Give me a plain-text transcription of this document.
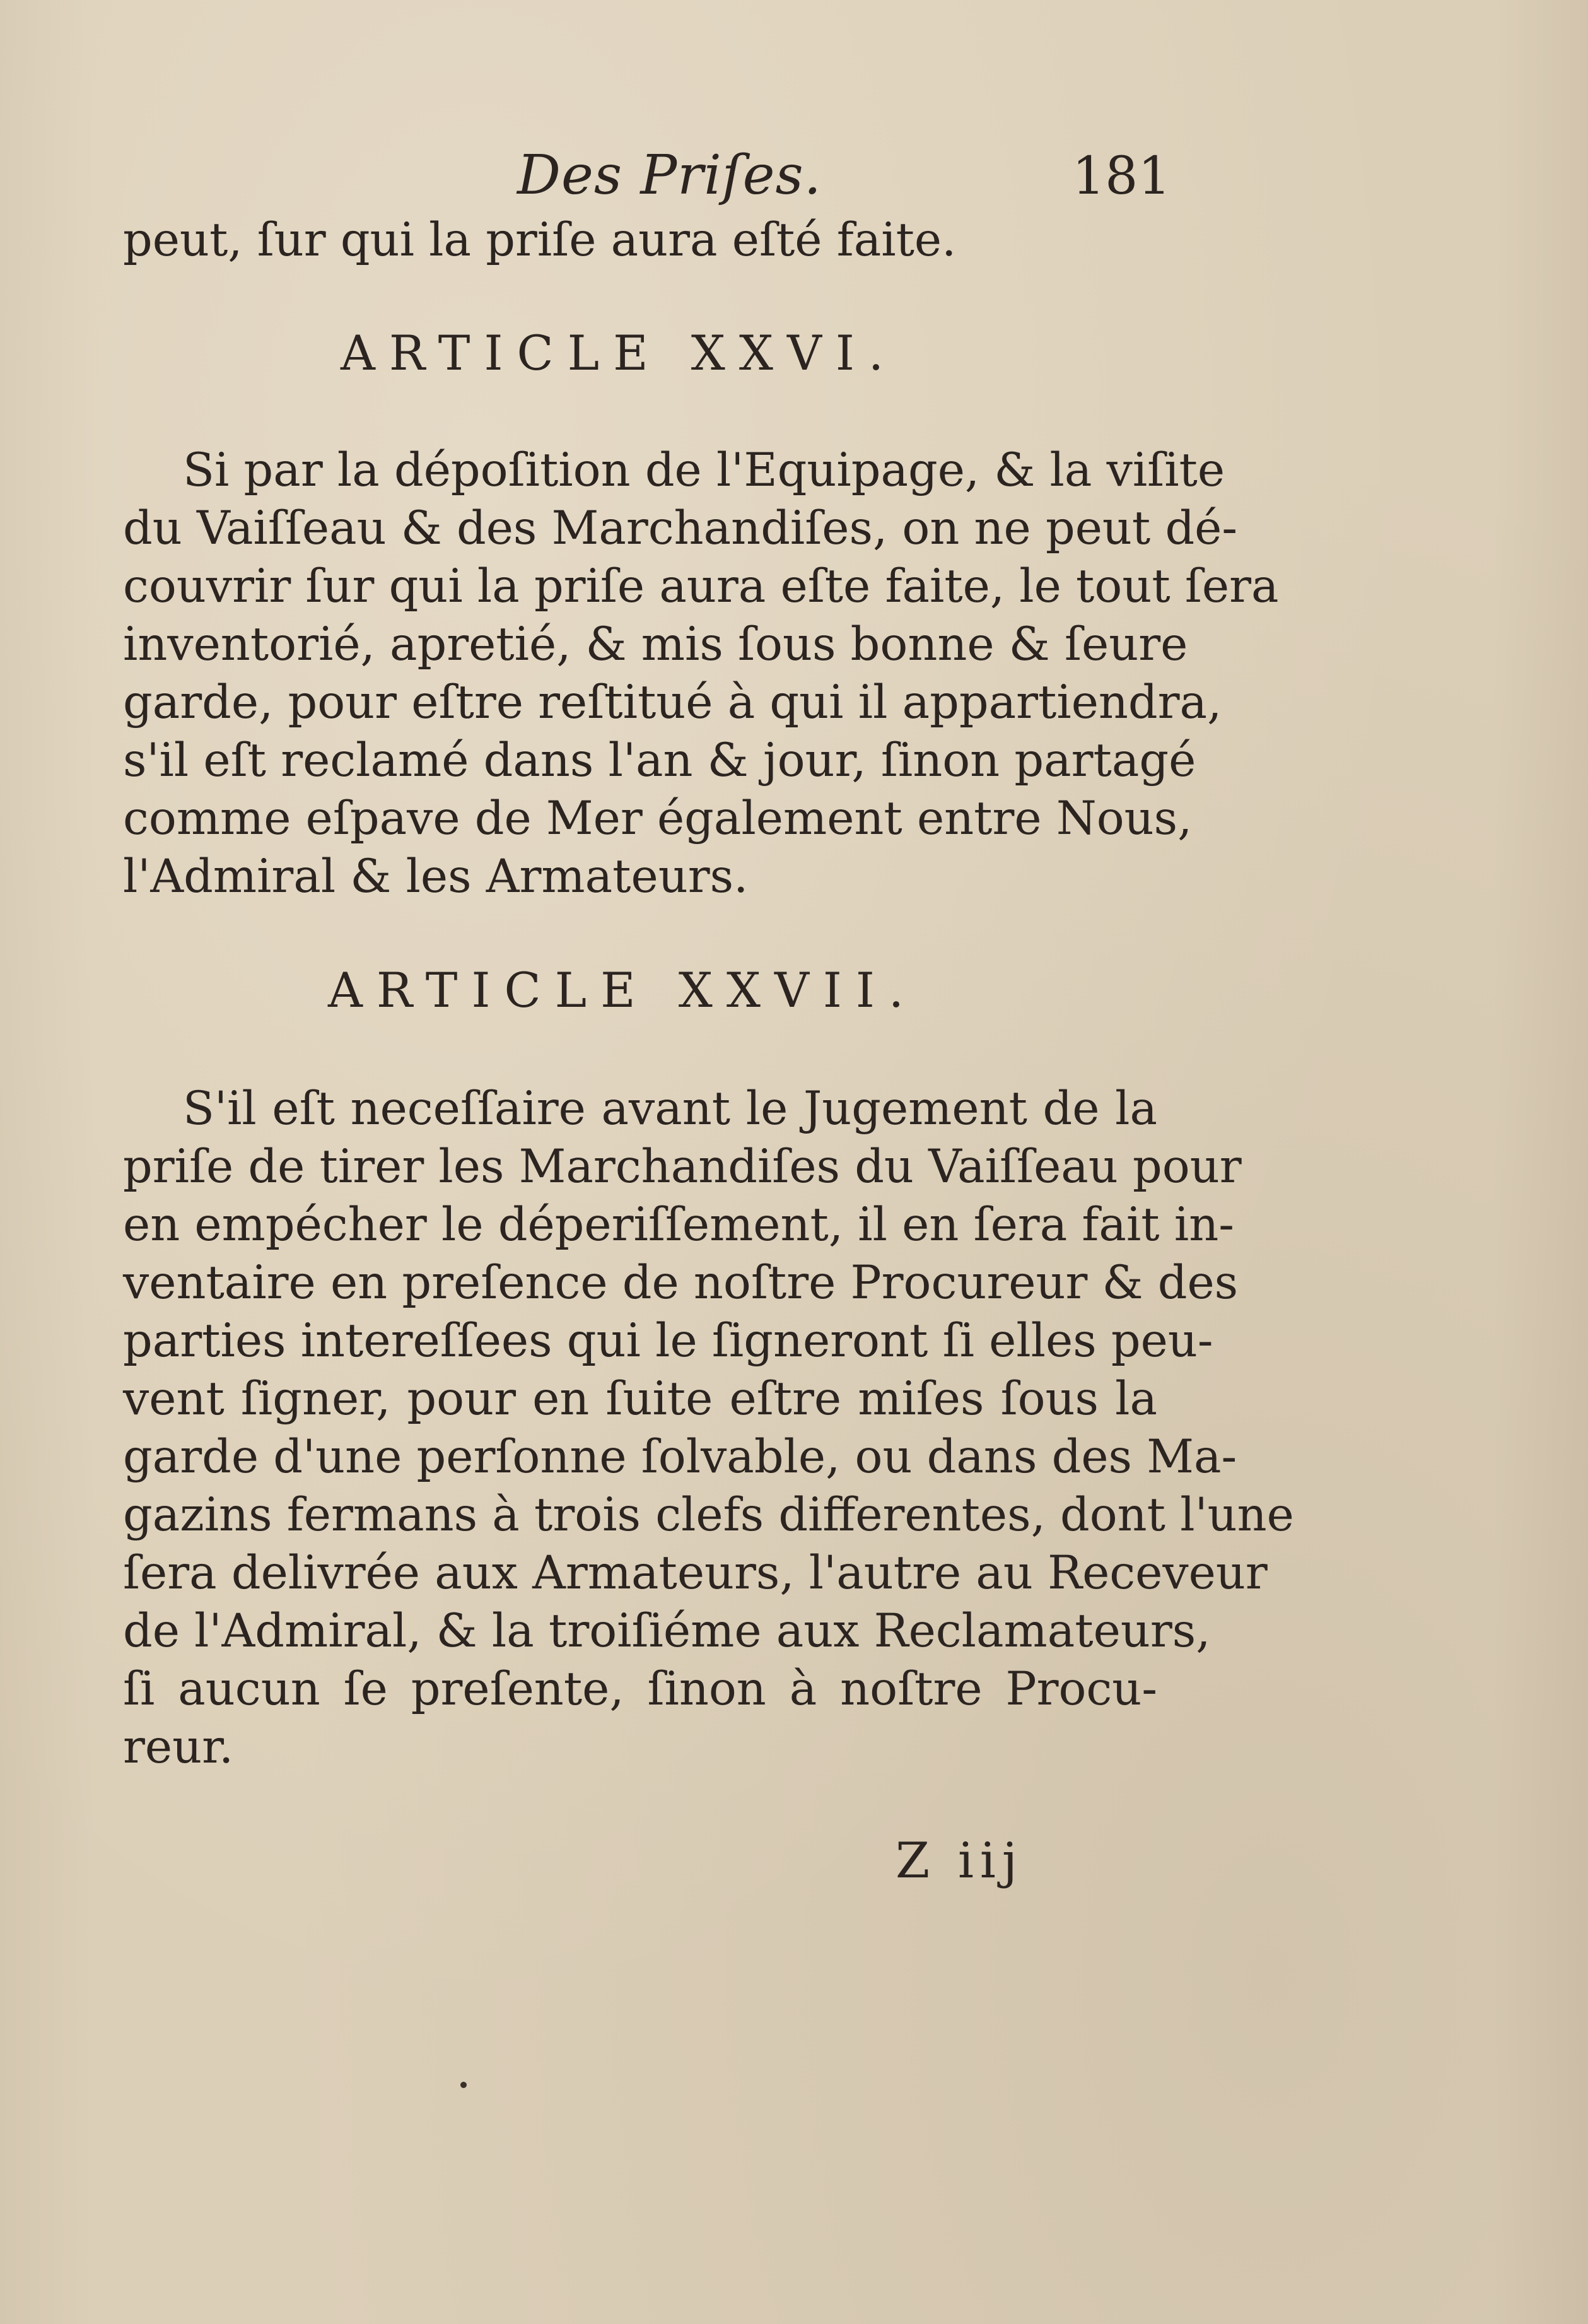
Des Priſes.	181
peut, ſur qui la priſe aura eſté faite.
ARTICLE XXVI.
Si par la dépoſition de l'Equipage, & la viſite
du Vaiſſeau & des Marchandiſes, on ne peut dé-
couvrir ſur qui la priſe aura eſte faite, le tout ſera
inventorié, apretié, & mis ſous bonne & ſeure
garde, pour eſtre reſtitué à qui il appartiendra,
s'il eſt reclamé dans l'an & jour, ſinon partagé
comme eſpave de Mer également entre Nous,
l'Admiral & les Armateurs.
ARTICLE XXVII.
S'il eſt neceſſaire avant le Jugement de la
priſe de tirer les Marchandiſes du Vaiſſeau pour
en empécher le déperiſſement, il en ſera fait in-
ventaire en preſence de noſtre Procureur & des
parties intereſſees qui le ſigneront ſi elles peu-
vent ſigner, pour en ſuite eſtre miſes ſous la
garde d'une perſonne ſolvable, ou dans des Ma-
gazins fermans à trois clefs differentes, dont l'une
ſera delivrée aux Armateurs, l'autre au Receveur
de l'Admiral, & la troiſiéme aux Reclamateurs,
ſi aucun ſe preſente, ſinon à noſtre Procu-
reur.
Z iij
